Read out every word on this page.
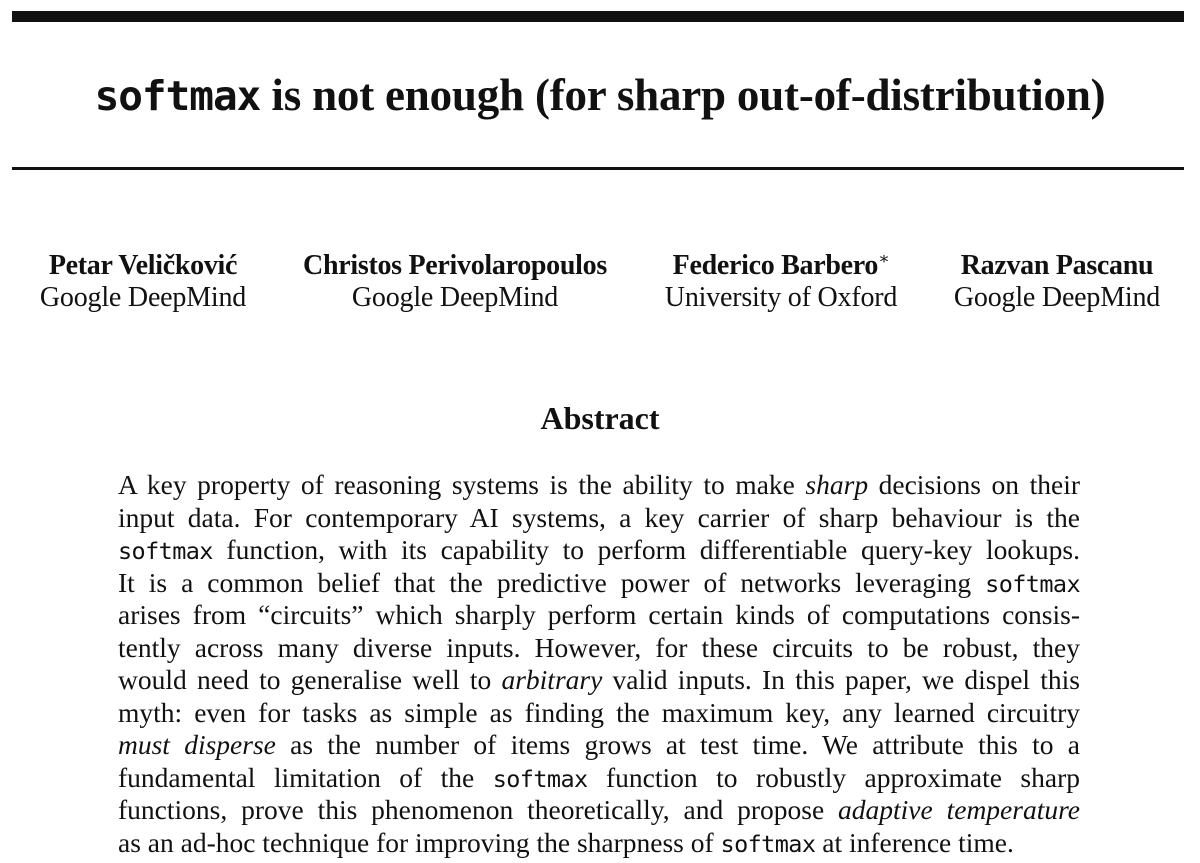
softmax is not enough (for sharp out-of-distribution)
Petar Veličković
Google DeepMind
Christos Perivolaropoulos
Google DeepMind
Federico Barbero∗
University of Oxford
Razvan Pascanu
Google DeepMind
Abstract
A key property of reasoning systems is the ability to make sharp decisions on their
input data. For contemporary AI systems, a key carrier of sharp behaviour is the
softmax function, with its capability to perform differentiable query-key lookups.
It is a common belief that the predictive power of networks leveraging softmax
arises from “circuits” which sharply perform certain kinds of computations consis-
tently across many diverse inputs. However, for these circuits to be robust, they
would need to generalise well to arbitrary valid inputs. In this paper, we dispel this
myth: even for tasks as simple as finding the maximum key, any learned circuitry
must disperse as the number of items grows at test time. We attribute this to a
fundamental limitation of the softmax function to robustly approximate sharp
functions, prove this phenomenon theoretically, and propose adaptive temperature
as an ad-hoc technique for improving the sharpness of softmax at inference time.
